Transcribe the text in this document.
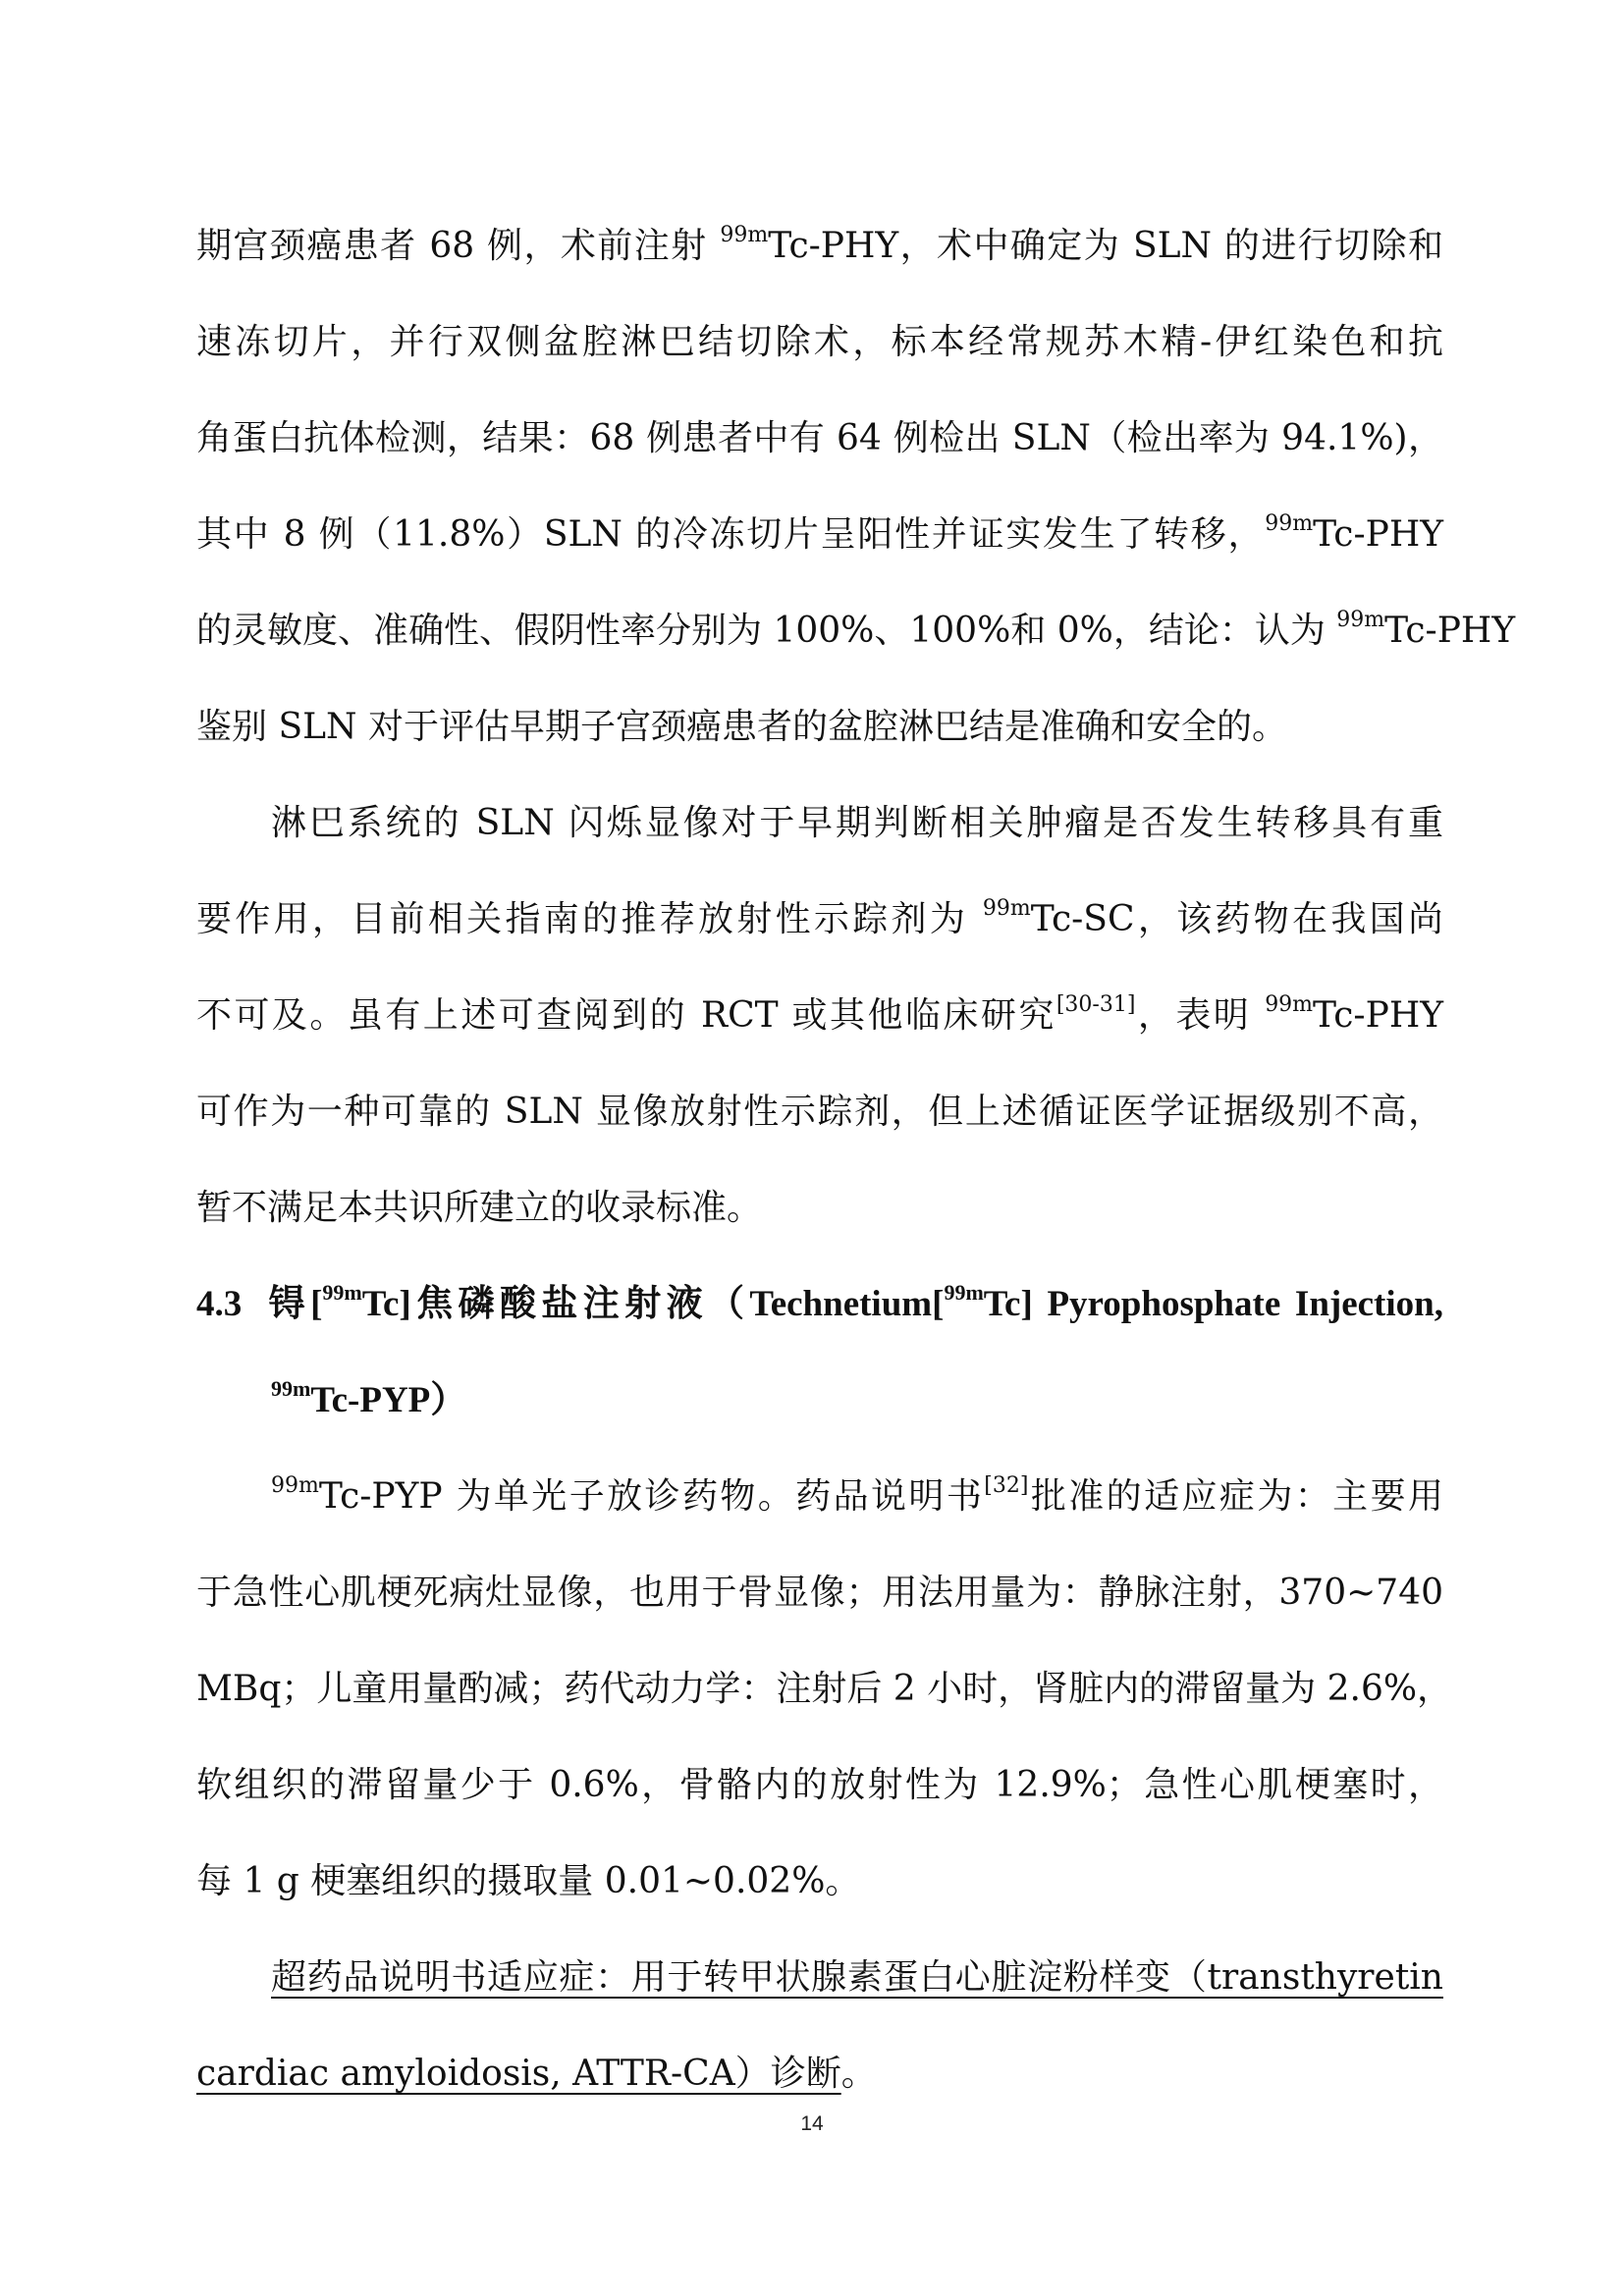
期宫颈癌患者 68 例，术前注射 $^{99m}$Tc-PHY，术中确定为 SLN 的进行切除和
速冻切片，并行双侧盆腔淋巴结切除术，标本经常规苏木精-伊红染色和抗
角蛋白抗体检测，结果：68 例患者中有 64 例检出 SLN（检出率为 94.1%)，
其中 8 例（11.8%）SLN 的冷冻切片呈阳性并证实发生了转移，$^{99m}$Tc-PHY
的灵敏度、准确性、假阴性率分别为 100%、100%和 0%，结论：认为 $^{99m}$Tc-PHY
鉴别 SLN 对于评估早期子宫颈癌患者的盆腔淋巴结是准确和安全的。
淋巴系统的 SLN 闪烁显像对于早期判断相关肿瘤是否发生转移具有重
要作用，目前相关指南的推荐放射性示踪剂为 $^{99m}$Tc-SC，该药物在我国尚
不可及。虽有上述可查阅到的 RCT 或其他临床研究[30-31]，表明 $^{99m}$Tc-PHY
可作为一种可靠的 SLN 显像放射性示踪剂，但上述循证医学证据级别不高，
暂不满足本共识所建立的收录标准。
4.3 锝[$^{99m}$Tc]焦磷酸盐注射液（Technetium[$^{99m}$Tc] Pyrophosphate Injection,
$^{99m}$Tc-PYP）
$^{99m}$Tc-PYP 为单光子放诊药物。药品说明书[32]批准的适应症为：主要用
于急性心肌梗死病灶显像，也用于骨显像；用法用量为：静脉注射，370~740
MBq；儿童用量酌减；药代动力学：注射后 2 小时，肾脏内的滞留量为 2.6%，
软组织的滞留量少于 0.6%，骨骼内的放射性为 12.9%；急性心肌梗塞时，
每 1 g 梗塞组织的摄取量 0.01~0.02%。
超药品说明书适应症：用于转甲状腺素蛋白心脏淀粉样变（transthyretin
cardiac amyloidosis, ATTR-CA）诊断。
14
